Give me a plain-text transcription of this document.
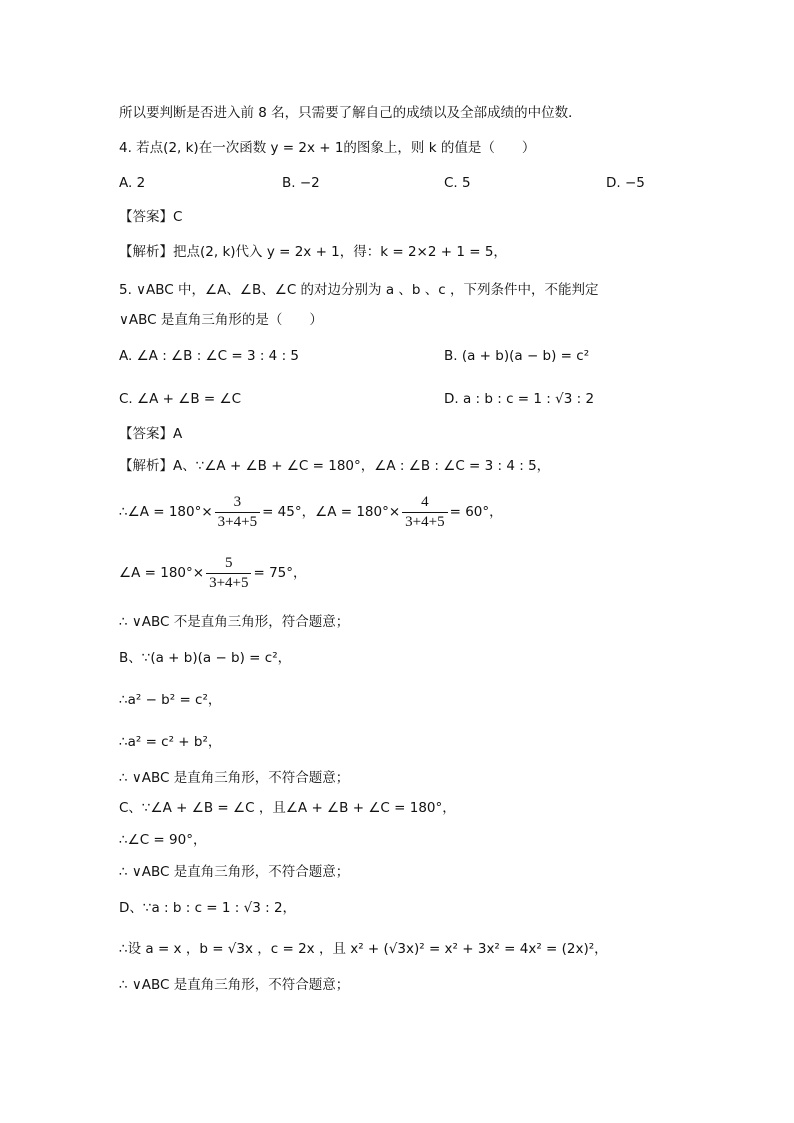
所以要判断是否进入前 8 名，只需要了解自己的成绩以及全部成绩的中位数．
4. 若点(2, k)在一次函数 y = 2x + 1的图象上，则 k 的值是（　　）
A. 2	B. −2	C. 5	D. −5
【答案】C
【解析】把点(2, k)代入 y = 2x + 1，得：k = 2×2 + 1 = 5，
5. ∨ABC 中，∠A、∠B、∠C 的对边分别为 a 、b 、c ，下列条件中，不能判定
∨ABC 是直角三角形的是（　　）
A. ∠A : ∠B : ∠C = 3 : 4 : 5	B. (a + b)(a − b) = c²
C. ∠A + ∠B = ∠C	D. a : b : c = 1 : √3 : 2
【答案】A
【解析】A、∵∠A + ∠B + ∠C = 180°，∠A : ∠B : ∠C = 3 : 4 : 5，
∴∠A = $180^\circ\times \frac{3}{3+4+5} = 45^\circ$，∠A = $180^\circ\times \frac{4}{3+4+5} = 60^\circ$，
∠A = $180^\circ\times \frac{5}{3+4+5} = 75^\circ$，
∴ ∨ABC 不是直角三角形，符合题意；
B、∵(a + b)(a − b) = c²，
∴a² − b² = c²，
∴a² = c² + b²，
∴ ∨ABC 是直角三角形，不符合题意；
C、∵∠A + ∠B = ∠C ，且∠A + ∠B + ∠C = 180°，
∴∠C = 90°，
∴ ∨ABC 是直角三角形，不符合题意；
D、∵a : b : c = 1 : √3 : 2，
∴设 a = x ，b = √3x ，c = 2x ，且 x² + (√3x)² = x² + 3x² = 4x² = (2x)²，
∴ ∨ABC 是直角三角形，不符合题意；
